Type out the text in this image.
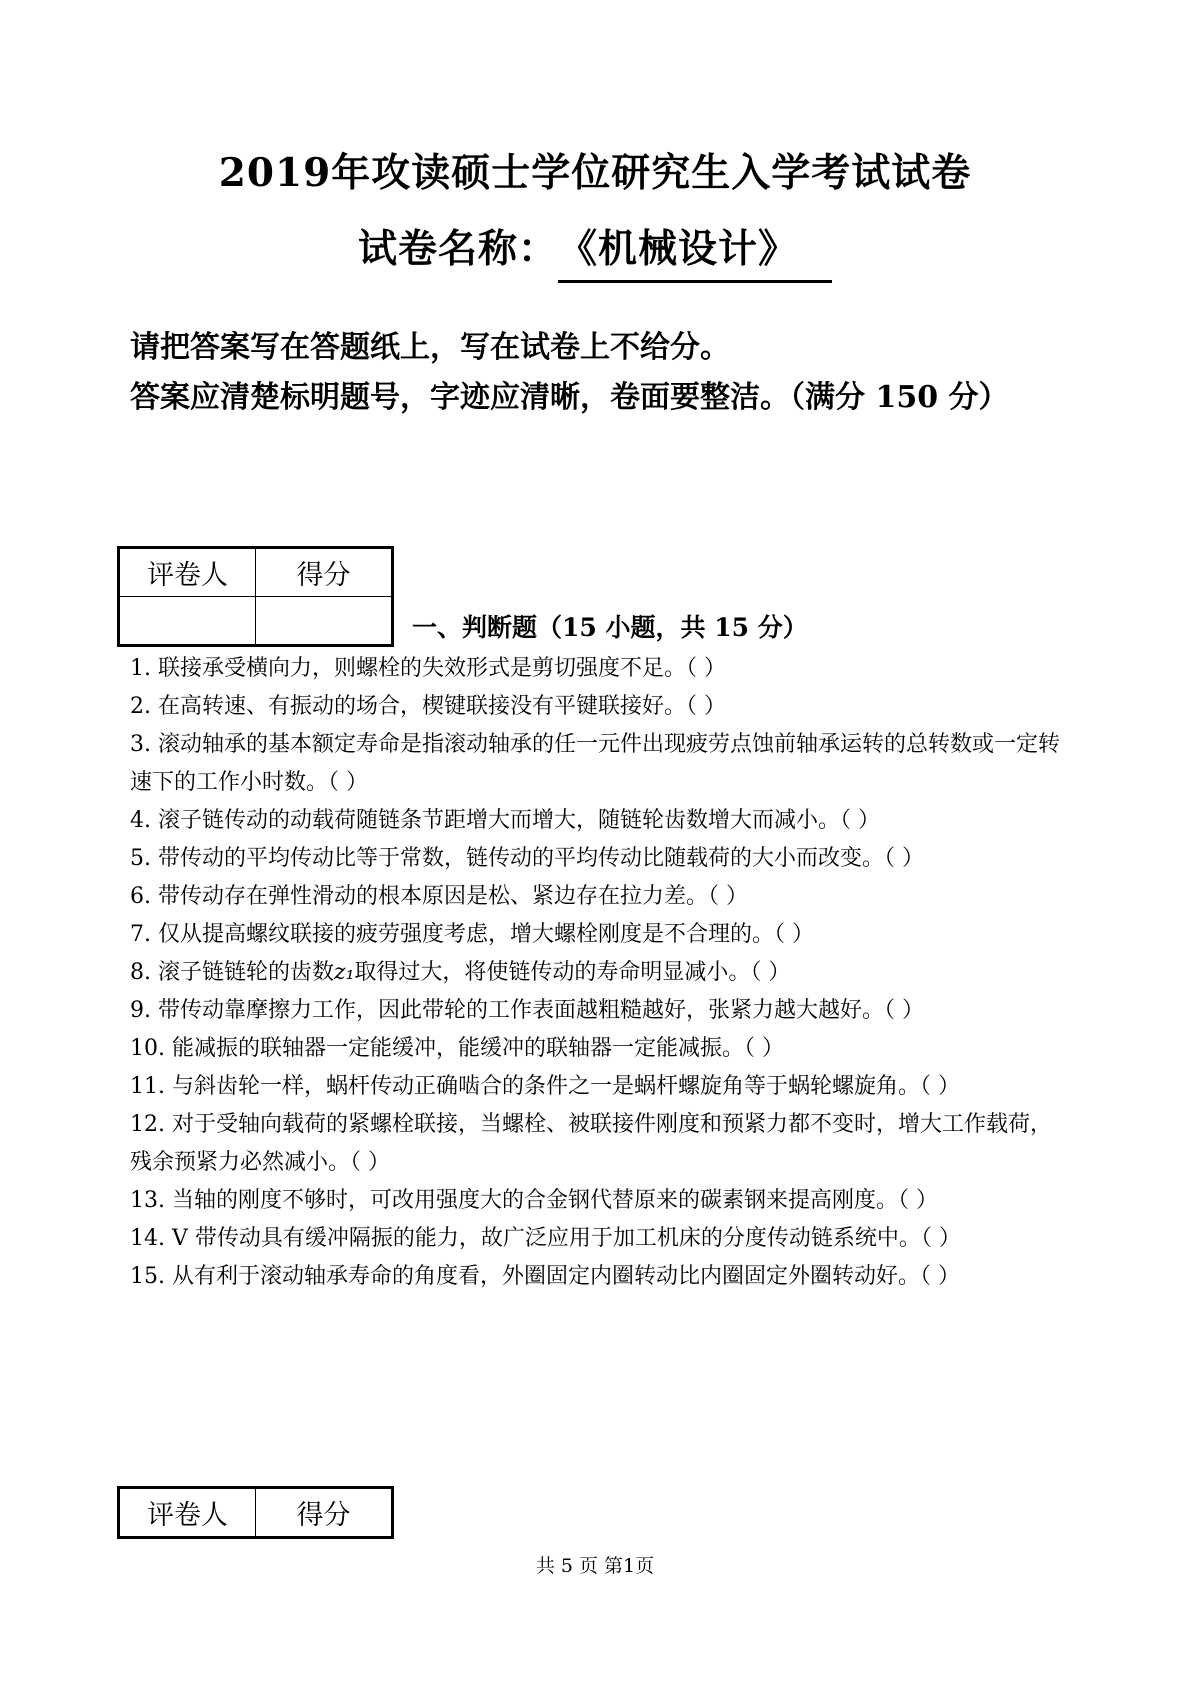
2019年攻读硕士学位研究生入学考试试卷
试卷名称：《机械设计》
请把答案写在答题纸上，写在试卷上不给分。
答案应清楚标明题号，字迹应清晰，卷面要整洁。（满分 150 分）
评卷人	得分

一、判断题（15 小题，共 15 分）
1. 联接承受横向力，则螺栓的失效形式是剪切强度不足。（ ）
2. 在高转速、有振动的场合，楔键联接没有平键联接好。（ ）
3. 滚动轴承的基本额定寿命是指滚动轴承的任一元件出现疲劳点蚀前轴承运转的总转数或一定转速下的工作小时数。（ ）
4. 滚子链传动的动载荷随链条节距增大而增大，随链轮齿数增大而减小。（ ）
5. 带传动的平均传动比等于常数，链传动的平均传动比随载荷的大小而改变。（ ）
6. 带传动存在弹性滑动的根本原因是松、紧边存在拉力差。（ ）
7. 仅从提高螺纹联接的疲劳强度考虑，增大螺栓刚度是不合理的。（ ）
8. 滚子链链轮的齿数z₁取得过大，将使链传动的寿命明显减小。（ ）
9. 带传动靠摩擦力工作，因此带轮的工作表面越粗糙越好，张紧力越大越好。（ ）
10. 能减振的联轴器一定能缓冲，能缓冲的联轴器一定能减振。（ ）
11. 与斜齿轮一样，蜗杆传动正确啮合的条件之一是蜗杆螺旋角等于蜗轮螺旋角。（ ）
12. 对于受轴向载荷的紧螺栓联接，当螺栓、被联接件刚度和预紧力都不变时，增大工作载荷，残余预紧力必然减小。（ ）
13. 当轴的刚度不够时，可改用强度大的合金钢代替原来的碳素钢来提高刚度。（ ）
14. V 带传动具有缓冲隔振的能力，故广泛应用于加工机床的分度传动链系统中。（ ）
15. 从有利于滚动轴承寿命的角度看，外圈固定内圈转动比内圈固定外圈转动好。（ ）
评卷人	得分
共 5 页 第1页
